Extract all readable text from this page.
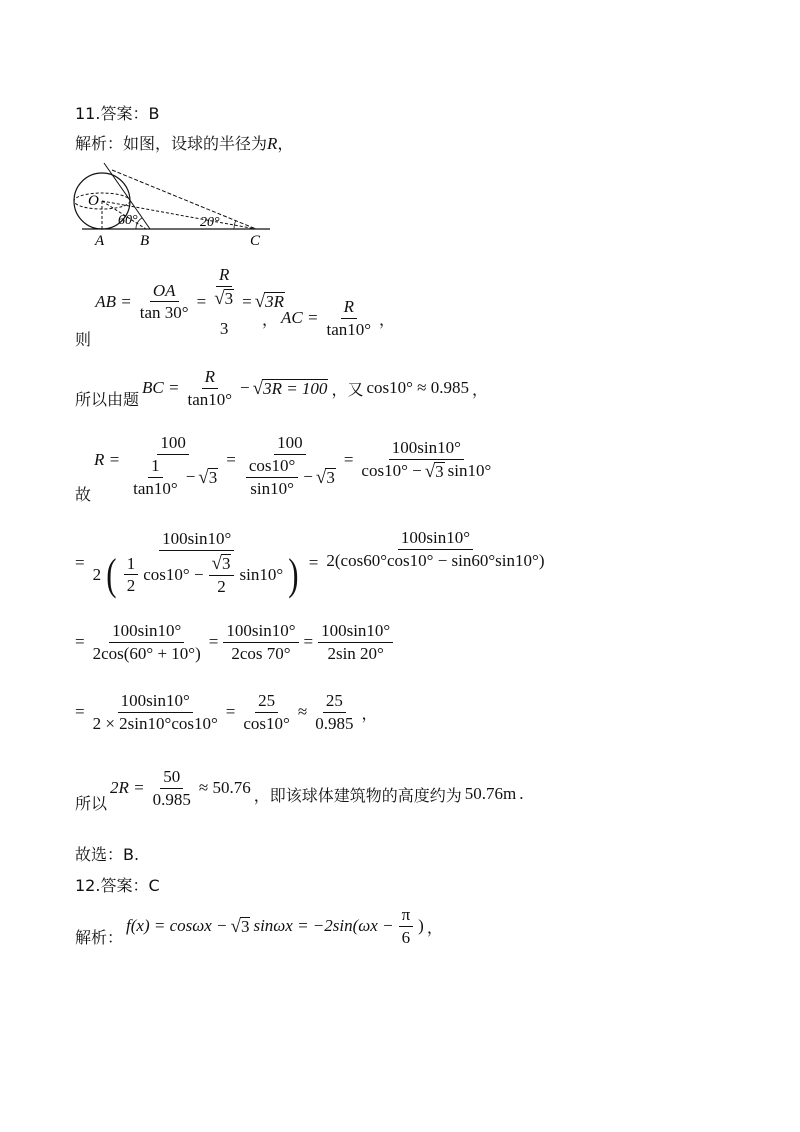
11.答案：B
解析：如图，设球的半径为R，
O
60°	20°
A B	C
则
AB = $\frac{OA}{\tan 30^\circ} = R$
√ 3
3 = √ 3R
， AC = $\frac{R}{\tan 10^\circ}$ ，
所以由题
BC = $\frac{R}{\tan 10^\circ}$ − √ 3R = 100 ，又 cos10° ≈ 0.985 ，
故
$R = \frac{100}{\frac{1}{\tan 10^\circ} - √ 3} = \frac{100}{\frac{\cos 10^\circ}{\sin 10^\circ} - √ 3} = \frac{100\sin 10^\circ}{\cos 10^\circ - √ 3 \sin 10^\circ}$
= $\frac{100\sin 10^\circ}{2 ( \frac{1}{2} \cos 10^\circ - \frac{√ 3}{2} \sin 10^\circ )} = \frac{100\sin 10^\circ}{2(\cos 60^\circ\cos 10^\circ - \sin 60^\circ\sin 10^\circ)}$
= $\frac{100\sin 10^\circ}{2\cos(60^\circ + 10^\circ)} = \frac{100\sin 10^\circ}{2\cos 70^\circ} = \frac{100\sin 10^\circ}{2\sin 20^\circ}$
= $\frac{100\sin 10^\circ}{2 \times 2\sin 10^\circ\cos 10^\circ} = \frac{25}{\cos 10^\circ} \approx \frac{25}{0.985}$ ，
所以
$2R = \frac{50}{0.985} \approx 50.76$ ，即该球体建筑物的高度约为 50.76m .
故选：B.
12.答案：C
解析：
f(x) = cosωx − √ 3 $\sin\omega x = -2\sin(\omega x - \frac{\pi}{6}$ ) ，
